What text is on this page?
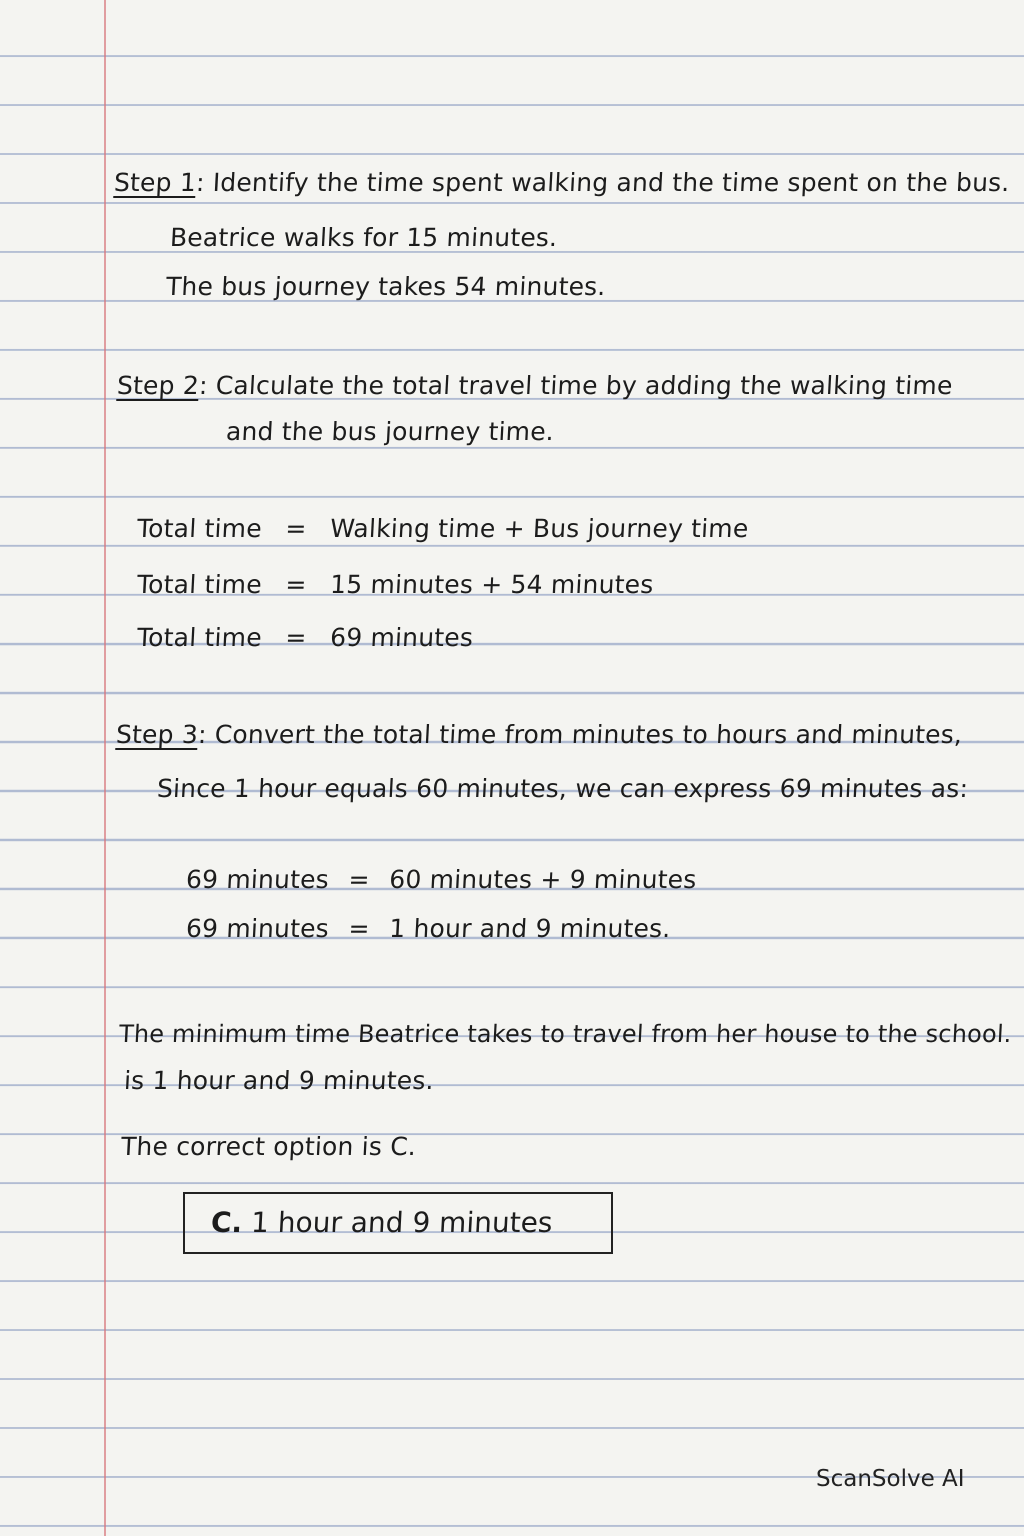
Step 1: Identify the time spent walking and the time spent on the bus.
Beatrice walks for 15 minutes.
The bus journey takes 54 minutes.
Step 2: Calculate the total travel time by adding the walking time
and the bus journey time.
Total time = Walking time + Bus journey time
Total time = 15 minutes + 54 minutes
Total time = 69 minutes
Step 3: Convert the total time from minutes to hours and minutes,
Since 1 hour equals 60 minutes, we can express 69 minutes as:
69 minutes = 60 minutes + 9 minutes
69 minutes = 1 hour and 9 minutes.
The minimum time Beatrice takes to travel from her house to the school.
is 1 hour and 9 minutes.
The correct option is C.
C. 1 hour and 9 minutes
ScanSolve AI
